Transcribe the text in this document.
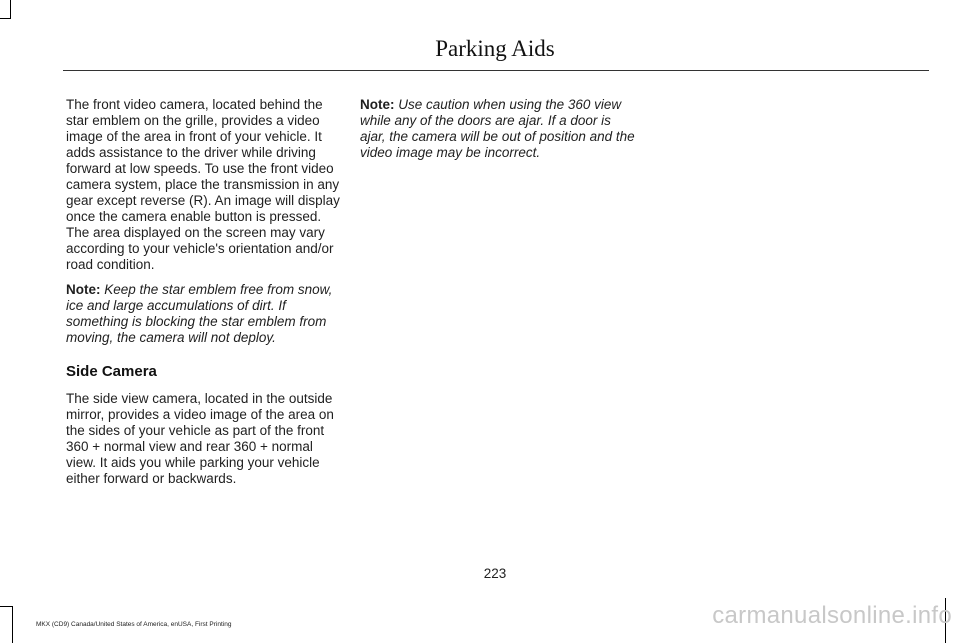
Parking Aids

The front video camera, located behind the star emblem on the grille, provides a video image of the area in front of your vehicle. It adds assistance to the driver while driving forward at low speeds. To use the front video camera system, place the transmission in any gear except reverse (R). An image will display once the camera enable button is pressed. The area displayed on the screen may vary according to your vehicle's orientation and/or road condition.

Note: Keep the star emblem free from snow, ice and large accumulations of dirt. If something is blocking the star emblem from moving, the camera will not deploy.

Side Camera

The side view camera, located in the outside mirror, provides a video image of the area on the sides of your vehicle as part of the front 360 + normal view and rear 360 + normal view. It aids you while parking your vehicle either forward or backwards.

Note: Use caution when using the 360 view while any of the doors are ajar. If a door is ajar, the camera will be out of position and the video image may be incorrect.

223
MKX (CD9) Canada/United States of America, enUSA, First Printing	carmanualsonline.info
